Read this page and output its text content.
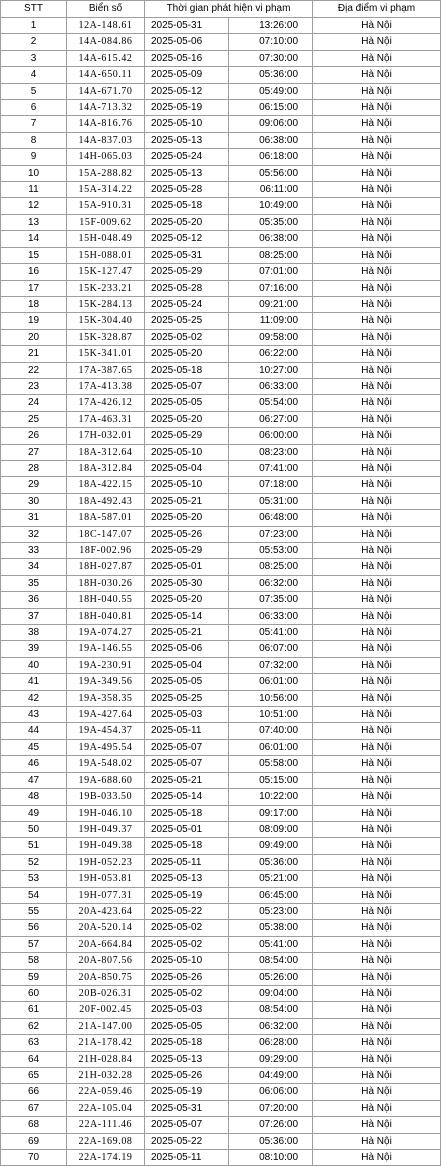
STT	Biển số	Thời gian phát hiện vi phạm		Địa điểm vi phạm
1	12A-148.61	2025-05-31	13:26:00	Hà Nội
2	14A-084.86	2025-05-06	07:10:00	Hà Nội
3	14A-615.42	2025-05-16	07:30:00	Hà Nội
4	14A-650.11	2025-05-09	05:36:00	Hà Nội
5	14A-671.70	2025-05-12	05:49:00	Hà Nội
6	14A-713.32	2025-05-19	06:15:00	Hà Nội
7	14A-816.76	2025-05-10	09:06:00	Hà Nội
8	14A-837.03	2025-05-13	06:38:00	Hà Nội
9	14H-065.03	2025-05-24	06:18:00	Hà Nội
10	15A-288.82	2025-05-13	05:56:00	Hà Nội
11	15A-314.22	2025-05-28	06:11:00	Hà Nội
12	15A-910.31	2025-05-18	10:49:00	Hà Nội
13	15F-009.62	2025-05-20	05:35:00	Hà Nội
14	15H-048.49	2025-05-12	06:38:00	Hà Nội
15	15H-088.01	2025-05-31	08:25:00	Hà Nội
16	15K-127.47	2025-05-29	07:01:00	Hà Nội
17	15K-233.21	2025-05-28	07:16:00	Hà Nội
18	15K-284.13	2025-05-24	09:21:00	Hà Nội
19	15K-304.40	2025-05-25	11:09:00	Hà Nội
20	15K-328.87	2025-05-02	09:58:00	Hà Nội
21	15K-341.01	2025-05-20	06:22:00	Hà Nội
22	17A-387.65	2025-05-18	10:27:00	Hà Nội
23	17A-413.38	2025-05-07	06:33:00	Hà Nội
24	17A-426.12	2025-05-05	05:54:00	Hà Nội
25	17A-463.31	2025-05-20	06:27:00	Hà Nội
26	17H-032.01	2025-05-29	06:00:00	Hà Nội
27	18A-312.64	2025-05-10	08:23:00	Hà Nội
28	18A-312.84	2025-05-04	07:41:00	Hà Nội
29	18A-422.15	2025-05-10	07:18:00	Hà Nội
30	18A-492.43	2025-05-21	05:31:00	Hà Nội
31	18A-587.01	2025-05-20	06:48:00	Hà Nội
32	18C-147.07	2025-05-26	07:23:00	Hà Nội
33	18F-002.96	2025-05-29	05:53:00	Hà Nội
34	18H-027.87	2025-05-01	08:25:00	Hà Nội
35	18H-030.26	2025-05-30	06:32:00	Hà Nội
36	18H-040.55	2025-05-20	07:35:00	Hà Nội
37	18H-040.81	2025-05-14	06:33:00	Hà Nội
38	19A-074.27	2025-05-21	05:41:00	Hà Nội
39	19A-146.55	2025-05-06	06:07:00	Hà Nội
40	19A-230.91	2025-05-04	07:32:00	Hà Nội
41	19A-349.56	2025-05-05	06:01:00	Hà Nội
42	19A-358.35	2025-05-25	10:56:00	Hà Nội
43	19A-427.64	2025-05-03	10:51:00	Hà Nội
44	19A-454.37	2025-05-11	07:40:00	Hà Nội
45	19A-495.54	2025-05-07	06:01:00	Hà Nội
46	19A-548.02	2025-05-07	05:58:00	Hà Nội
47	19A-688.60	2025-05-21	05:15:00	Hà Nội
48	19B-033.50	2025-05-14	10:22:00	Hà Nội
49	19H-046.10	2025-05-18	09:17:00	Hà Nội
50	19H-049.37	2025-05-01	08:09:00	Hà Nội
51	19H-049.38	2025-05-18	09:49:00	Hà Nội
52	19H-052.23	2025-05-11	05:36:00	Hà Nội
53	19H-053.81	2025-05-13	05:21:00	Hà Nội
54	19H-077.31	2025-05-19	06:45:00	Hà Nội
55	20A-423.64	2025-05-22	05:23:00	Hà Nội
56	20A-520.14	2025-05-02	05:38:00	Hà Nội
57	20A-664.84	2025-05-02	05:41:00	Hà Nội
58	20A-807.56	2025-05-10	08:54:00	Hà Nội
59	20A-850.75	2025-05-26	05:26:00	Hà Nội
60	20B-026.31	2025-05-02	09:04:00	Hà Nội
61	20F-002.45	2025-05-03	08:54:00	Hà Nội
62	21A-147.00	2025-05-05	06:32:00	Hà Nội
63	21A-178.42	2025-05-18	06:28:00	Hà Nội
64	21H-028.84	2025-05-13	09:29:00	Hà Nội
65	21H-032.28	2025-05-26	04:49:00	Hà Nội
66	22A-059.46	2025-05-19	06:06:00	Hà Nội
67	22A-105.04	2025-05-31	07:20:00	Hà Nội
68	22A-111.46	2025-05-07	07:26:00	Hà Nội
69	22A-169.08	2025-05-22	05:36:00	Hà Nội
70	22A-174.19	2025-05-11	08:10:00	Hà Nội
